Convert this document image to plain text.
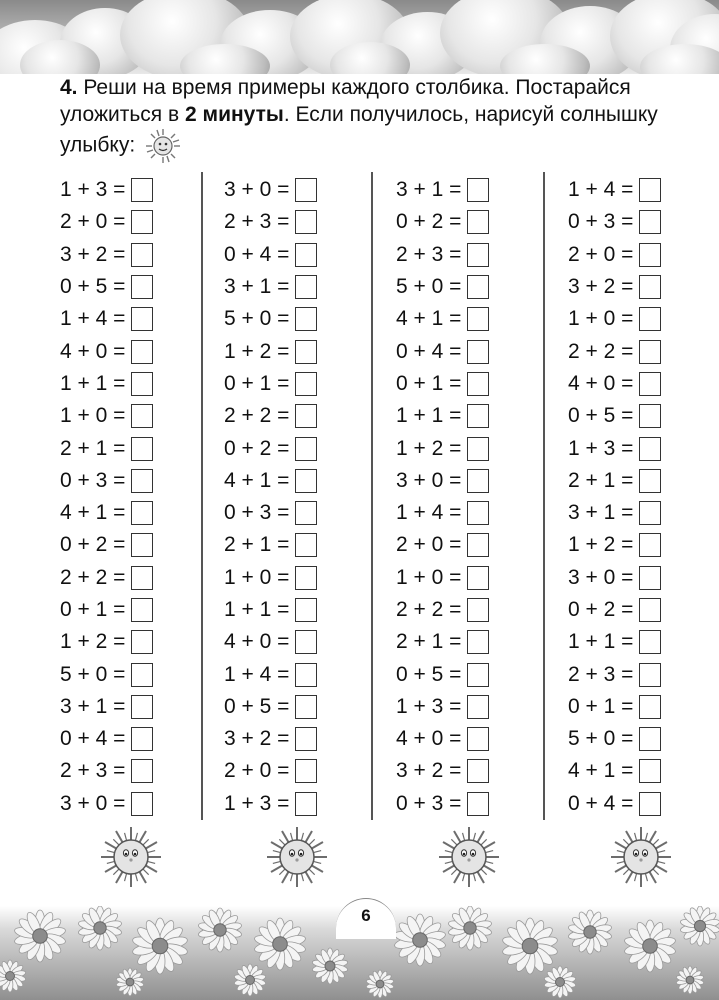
4. Реши на время примеры каждого столбика. Постарайся уложиться в 2 минуты. Если получилось, нарисуй солнышку улыбку:
1 + 3 =
2 + 0 =
3 + 2 =
0 + 5 =
1 + 4 =
4 + 0 =
1 + 1 =
1 + 0 =
2 + 1 =
0 + 3 =
4 + 1 =
0 + 2 =
2 + 2 =
0 + 1 =
1 + 2 =
5 + 0 =
3 + 1 =
0 + 4 =
2 + 3 =
3 + 0 =
3 + 0 =
2 + 3 =
0 + 4 =
3 + 1 =
5 + 0 =
1 + 2 =
0 + 1 =
2 + 2 =
0 + 2 =
4 + 1 =
0 + 3 =
2 + 1 =
1 + 0 =
1 + 1 =
4 + 0 =
1 + 4 =
0 + 5 =
3 + 2 =
2 + 0 =
1 + 3 =
3 + 1 =
0 + 2 =
2 + 3 =
5 + 0 =
4 + 1 =
0 + 4 =
0 + 1 =
1 + 1 =
1 + 2 =
3 + 0 =
1 + 4 =
2 + 0 =
1 + 0 =
2 + 2 =
2 + 1 =
0 + 5 =
1 + 3 =
4 + 0 =
3 + 2 =
0 + 3 =
1 + 4 =
0 + 3 =
2 + 0 =
3 + 2 =
1 + 0 =
2 + 2 =
4 + 0 =
0 + 5 =
1 + 3 =
2 + 1 =
3 + 1 =
1 + 2 =
3 + 0 =
0 + 2 =
1 + 1 =
2 + 3 =
0 + 1 =
5 + 0 =
4 + 1 =
0 + 4 =
6
